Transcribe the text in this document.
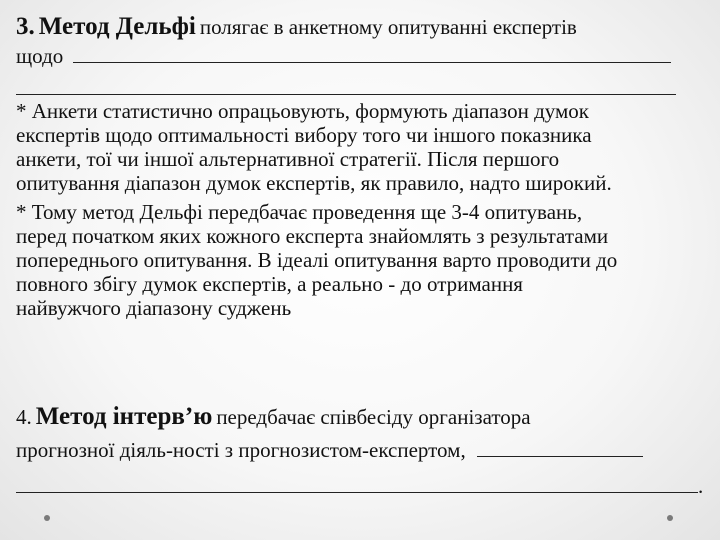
3. Метод Дельфі полягає в анкетному опитуванні експертів
щодо
* Анкети статистично опрацьовують, формують діапазон думок
експертів щодо оптимальності вибору того чи іншого показника
анкети, тої чи іншої альтернативної стратегії. Після першого
опитування діапазон думок експертів, як правило, надто широкий.
* Тому метод Дельфі передбачає проведення ще 3-4 опитувань,
перед початком яких кожного експерта знайомлять з результатами
попереднього опитування. В ідеалі опитування варто проводити до
повного збігу думок експертів, а реально - до отримання
найвужчого діапазону суджень
4. Метод інтерв’ю передбачає співбесіду організатора
прогнозної діяль-ності з прогнозистом-експертом,
.
